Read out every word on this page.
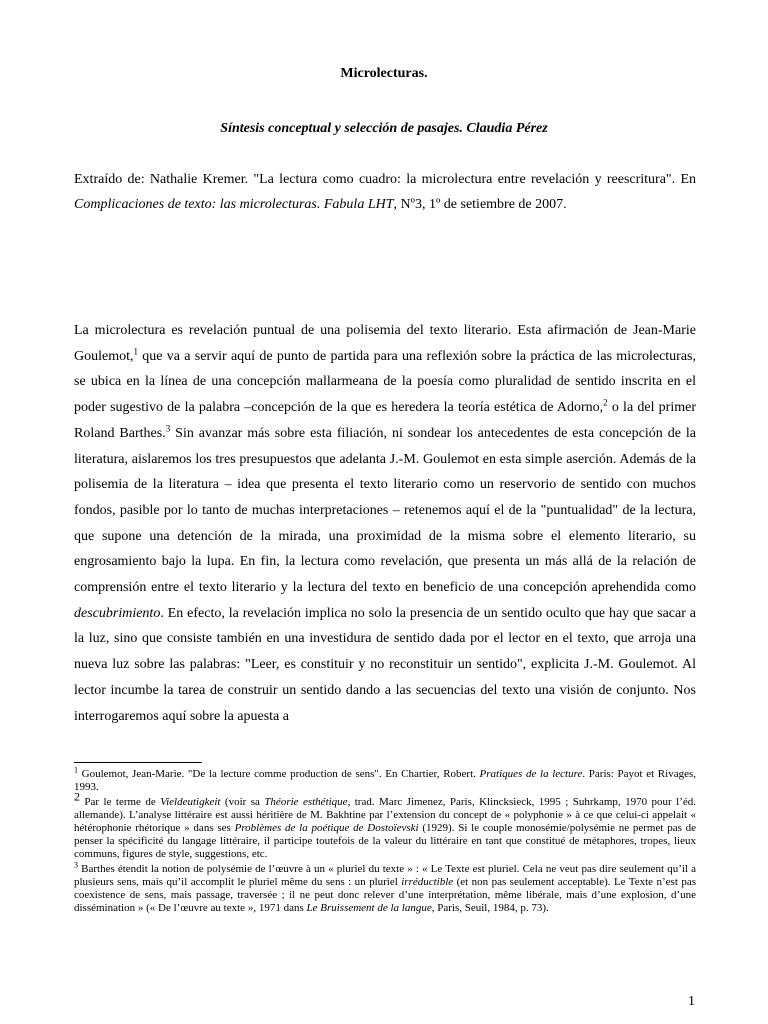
Microlecturas.
Síntesis conceptual y selección de pasajes. Claudia Pérez
Extraído de: Nathalie Kremer. "La lectura como cuadro: la microlectura entre revelación y reescritura". En Complicaciones de texto: las microlecturas. Fabula LHT, Nº3, 1º de setiembre de 2007.
La microlectura es revelación puntual de una polisemia del texto literario. Esta afirmación de Jean-Marie Goulemot,$^1$ que va a servir aquí de punto de partida para una reflexión sobre la práctica de las microlecturas, se ubica en la línea de una concepción mallarmeana de la poesía como pluralidad de sentido inscrita en el poder sugestivo de la palabra –concepción de la que es heredera la teoría estética de Adorno,$^2$ o la del primer Roland Barthes.$^3$ Sin avanzar más sobre esta filiación, ni sondear los antecedentes de esta concepción de la literatura, aislaremos los tres presupuestos que adelanta J.-M. Goulemot en esta simple aserción. Además de la polisemia de la literatura – idea que presenta el texto literario como un reservorio de sentido con muchos fondos, pasible por lo tanto de muchas interpretaciones – retenemos aquí el de la "puntualidad" de la lectura, que supone una detención de la mirada, una proximidad de la misma sobre el elemento literario, su engrosamiento bajo la lupa. En fin, la lectura como revelación, que presenta un más allá de la relación de comprensión entre el texto literario y la lectura del texto en beneficio de una concepción aprehendida como descubrimiento. En efecto, la revelación implica no solo la presencia de un sentido oculto que hay que sacar a la luz, sino que consiste también en una investidura de sentido dada por el lector en el texto, que arroja una nueva luz sobre las palabras: "Leer, es constituir y no reconstituir un sentido", explicita J.-M. Goulemot. Al lector incumbe la tarea de construir un sentido dando a las secuencias del texto una visión de conjunto. Nos interrogaremos aquí sobre la apuesta a
$^1$ Goulemot, Jean-Marie. "De la lecture comme production de sens". En Chartier, Robert. Pratiques de la lecture. Paris: Payot et Rivages, 1993.
2 Par le terme de Vieldeutigkeit (voir sa Théorie esthétique, trad. Marc Jimenez, Paris, Klincksieck, 1995 ; Suhrkamp, 1970 pour l’éd. allemande). L’analyse littéraire est aussi héritière de M. Bakhtine par l’extension du concept de « polyphonie » à ce que celui-ci appelait « hétérophonie rhétorique » dans ses Problèmes de la poétique de Dostoïevski (1929). Si le couple monosémie/polysémie ne permet pas de penser la spécificité du langage littéraire, il participe toutefois de la valeur du littéraire en tant que constitué de métaphores, tropes, lieux communs, figures de style, suggestions, etc.
$^3$ Barthes étendit la notion de polysémie de l’œuvre à un « pluriel du texte » : « Le Texte est pluriel. Cela ne veut pas dire seulement qu’il a plusieurs sens, mais qu’il accomplit le pluriel même du sens : un pluriel irréductible (et non pas seulement acceptable). Le Texte n’est pas coexistence de sens, mais passage, traversée ; il ne peut donc relever d’une interprétation, même libérale, mais d’une explosion, d’une dissémination » (« De l’œuvre au texte », 1971 dans Le Bruissement de la langue, Paris, Seuil, 1984, p. 73).
1
